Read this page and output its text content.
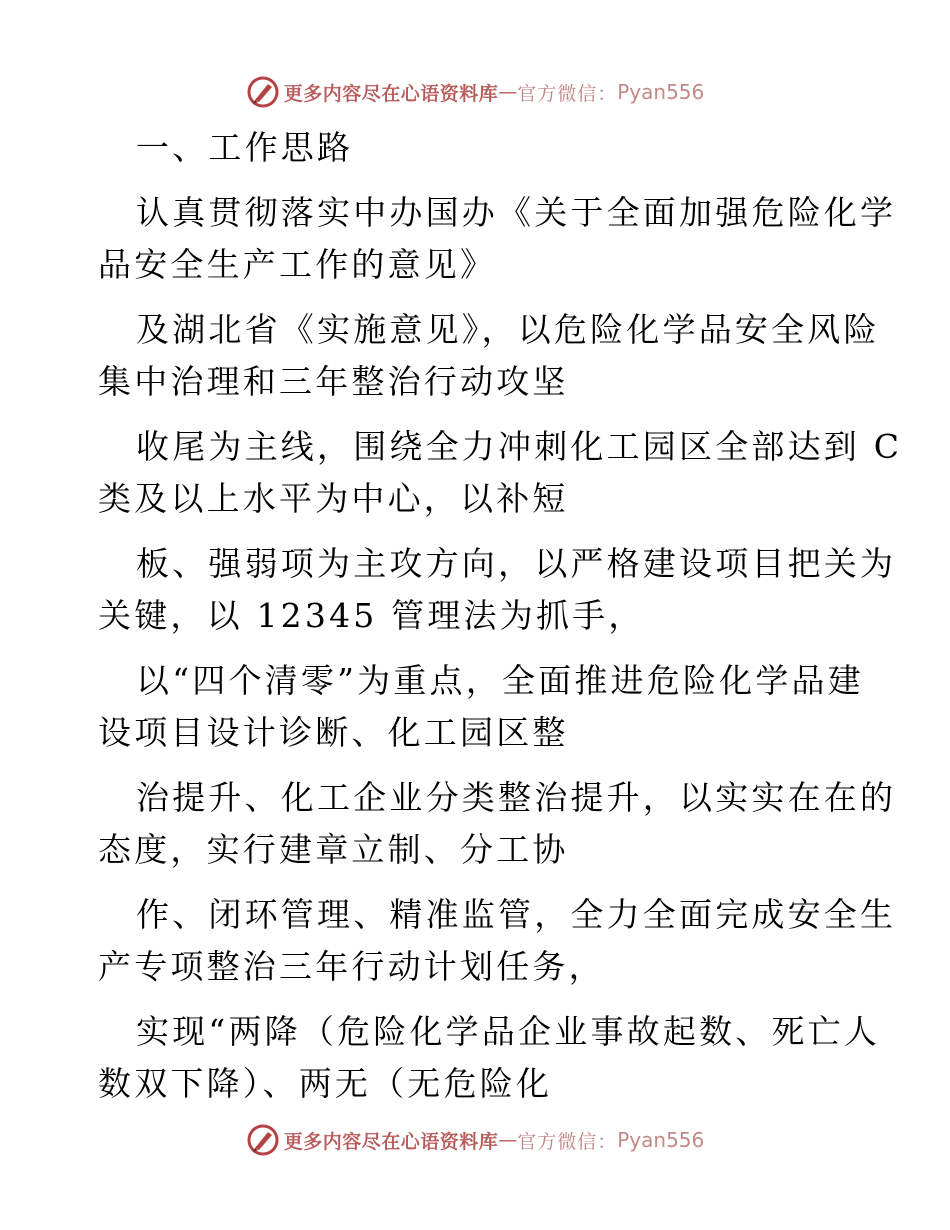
更多内容尽在心语资料库 — 官方微信： Pyan556

一、工作思路

认真贯彻落实中办国办《关于全面加强危险化学

品安全生产工作的意见》

及湖北省《实施意见》，以危险化学品安全风险

集中治理和三年整治行动攻坚

收尾为主线，围绕全力冲刺化工园区全部达到 C

类及以上水平为中心，以补短

板、强弱项为主攻方向，以严格建设项目把关为

关键，以 12345 管理法为抓手，

以“四个清零”为重点，全面推进危险化学品建

设项目设计诊断、化工园区整

治提升、化工企业分类整治提升，以实实在在的

态度，实行建章立制、分工协

作、闭环管理、精准监管，全力全面完成安全生

产专项整治三年行动计划任务，

实现“两降（危险化学品企业事故起数、死亡人

数双下降）、两无（无危险化

更多内容尽在心语资料库 — 官方微信： Pyan556
